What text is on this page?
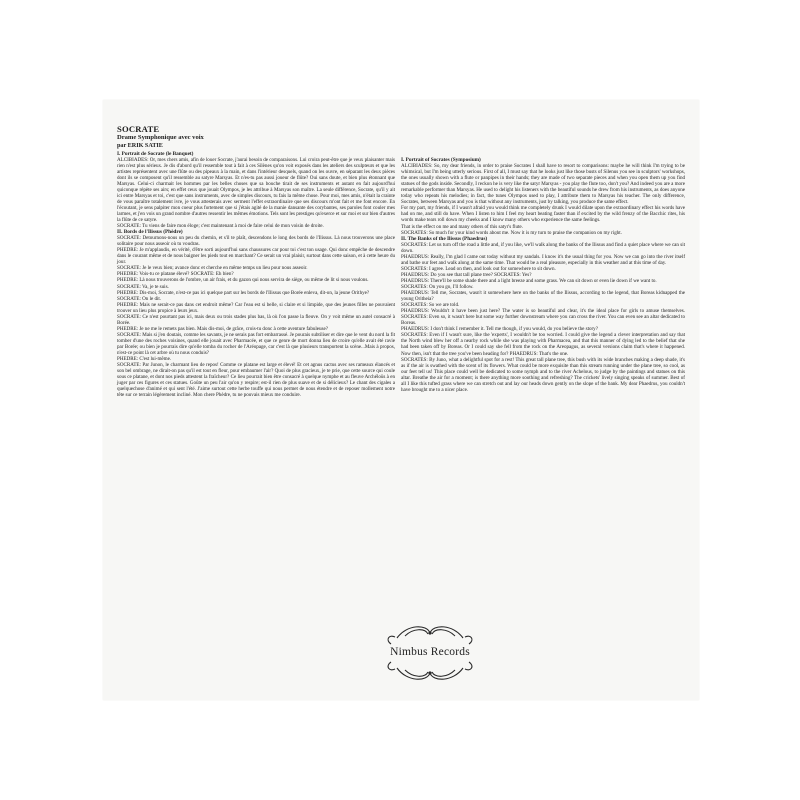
SOCRATE
Drame Symphonique avec voix
par ERIK SATIE

I. Portrait de Socrate (le Banquet)

ALCIBIADES: Or, mes chers amis, afin de louer Socrate, j'aurai besoin de comparaisons. Lui croira peut-être que je veux plaisanter mais rien n'est plus sérieux. Je dis d'abord qu'il ressemble tout à fait à ces Silènes qu'on voit exposés dans les ateliers des sculpteurs et que les artistes représentent avec une flûte ou des pipeaux à la main, et dans l'intérieur desquels, quand on les ouvre, en séparant les deux pièces dont ils se composent qu'il ressemble au satyre Marsyas. Et n'es-tu pas aussi joueur de flûte? Oui sans doute, et bien plus étonnant que Marsyas. Celui-ci charmait les hommes par les belles choses que sa bouche tirait de ses instruments et autant en fait aujourd'hui quiconque répète ses airs; en effet ceux que jouait Olympos, je les attribue à Marsyas son maître. La seule différence, Socrate, qu'il y ait ici entre Marsyas et toi, c'est que sans instruments, avec de simples discours, tu fais la même chose. Pour moi, mes amis, n'était la crainte de vous paraître totalement ivre, je vous attesterais avec serment l'effet extraordinaire que ses discours m'ont fait et me font encore. En l'écoutant, je sens palpiter mon coeur plus fortement que si j'étais agité de la manie dansante des corybantes, ses paroles font couler mes larmes, et j'en vois un grand nombre d'autres ressentir les mêmes émotions. Tels sont les prestiges qu'exerce et sur moi et sur bien d'autres la flûte de ce satyre.

SOCRATE: Tu viens de faire mon éloge; c'est maintenant à moi de faire celui de mon voisin de droite.

II. Bords de l'Ilissus (Phèdre)

SOCRATE: Detournons-nous un peu du chemin, et s'il te plaît, descendons le long des bords de l'Ilissus. Là nous trouverons une place solitaire pour nous asseoir où tu voudras.

PHEDRE: Je m'applaudis, en vérité, d'être sorti aujourd'hui sans chaussures car pour toi c'est ton usage. Qui donc empêche de descendre dans le courant même et de nous baigner les pieds tout en marchant? Ce serait un vrai plaisir, surtout dans cette saison, et à cette heure du jour.

SOCRATE: Je le veux bien; avance donc et cherche en même temps un lieu pour nous asseoir.

PHEDRE: Vois-tu ce platane élevé? SOCRATE: Eh bien?

PHEDRE: Là nous trouverons de l'ombre, un air frais, et du gazon qui nous servira de siège, ou même de lit si nous voulons.

SOCRATE: Va, je te suis.

PHEDRE: Dis-moi, Socrate, n'est-ce pas ici quelque part sur les bords de l'Ilissus que Borée enleva, dit-on, la jeune Orithye?

SOCRATE: On le dit.

PHEDRE: Mais ne serait-ce pas dans cet endroit même? Car l'eau est si belle, si claire et si limpide, que des jeunes filles ne pouvaient trouver un lieu plus propice à leurs jeux.

SOCRATE: Ce n'est pourtant pas ici, mais deux ou trois stades plus bas, là où l'on passe la fleuve. On y voit même un autel consacré à Borée.

PHEDRE: Je ne me le remets pas bien. Mais dis-moi, de grâce, crois-tu donc à cette aventure fabuleuse?

SOCRATE: Mais si j'en doutais, comme les savants, je ne serais pas fort embarrassé. Je pourais subtiliser et dire que le vent du nord la fit tomber d'une des roches voisines, quand elle jouait avec Pharmacée, et que ce genre de mort donna lieu de croire qu'elle avait été ravie par Borée; ou bien je pourrais dire qu'elle tomba du rocher de l'Aréopage, car c'est là que plusieurs transportent la scène...Mais à propos, n'est-ce point là cet arbre où tu nous conduis?

PHEDRE: C'est lui-même.

SOCRATE: Par Junon, le charmant lieu de repos! Comme ce platane est large et élevé! Et cet agnus cactus avec ses rameaux élancés et son bel ombrage, ne dirait-on pas qu'il est tout en fleur, pour embaumer l'air? Quoi de plus gracieux, je te prie, que cette source qui coule sous ce platane, et dont nos pieds attestent la fraîcheur? Ce lieu pourrait bien être consacré à quelque nymphe et au fleuve Archéloüs à en juger par ces figures et ces statues. Goûte un peu l'air qu'on y respire; est-il rien de plus suave et de si délicieux? Le chant des cigales a quelquechose d'animé et qui sent l'été. J'aime surtout cette herbe touffe qui nous permet de nous étendre et de reposer mollement notre tête sur ce terrain légèrement incliné. Mon chere Phèdre, tu ne pouvais mieux me conduire.

I. Portrait of Socrates (Symposium)

ALCIBIADES: So, my dear friends, in order to praise Socrates I shall have to resort to comparisons: maybe he will think I'm trying to be whimsical, but I'm being utterly serious. First of all, I must say that he looks just like those busts of Silenus you see in sculptors' workshops, the ones usually shown with a flute or panpipes in their hands; they are made of two separate pieces and when you open them up you find statues of the gods inside. Secondly, I reckon he is very like the satyr Marsyas - you play the flute too, don't you? And indeed you are a more remarkable performer than Marsyas. He used to delight his listeners with the beautiful sounds he drew from his instruments, as does anyone today who repeats his melodies; in fact, the tunes Olympos used to play, I attribute them to Marsyas his teacher. The only difference, Socrates, between Marsyas and you is that without any instruments, just by talking, you produce the same effect.

For my part, my friends, if I wasn't afraid you would think me completely drunk I would dilate upon the extraordinary effect his words have had on me, and still do have. When I listen to him I feel my heart beating faster than if excited by the wild frenzy of the Bacchic rites, his words make tears roll down my cheeks and I know many others who experience the same feelings.

That is the effect on me and many others of this satyr's flute.

SOCRATES: So much for your kind words about me. Now it is my turn to praise the companion on my right.

II. The Banks of the Ilissus (Phaedrus)

SOCRATES: Let us turn off the road a little and, if you like, we'll walk along the banks of the Ilissus and find a quiet place where we can sit down.

PHAEDRUS: Really, I'm glad I came out today without my sandals. I know it's the usual thing for you. Now we can go into the river itself and bathe our feet and walk along at the same time. That would be a real pleasure, especially in this weather and at this time of day.

SOCRATES: I agree. Lead on then, and look out for somewhere to sit down.

PHAEDRUS: Do you see that tall plane tree? SOCRATES: Yes?

PHAEDRUS: There'll be some shade there and a light breeze and some grass. We can sit down or even lie down if we want to.

SOCRATES: On you go, I'll follow.

PHAEDRUS: Tell me, Socrates, wasn't it somewhere here on the banks of the Ilissus, according to the legend, that Boreas kidnapped the young Oritheia?

SOCRATES: So we are told.

PHAEDRUS: Wouldn't it have been just here? The water is so beautiful and clear, it's the ideal place for girls to amuse themselves. SOCRATES: Even so, it wasn't here but some way further downstream where you can cross the river. You can even see an altar dedicated to Boreas.

PHAEDRUS: I don't think I remember it. Tell me though, if you would, do you believe the story?

SOCRATES: Even if I wasn't sure, like the 'experts', I wouldn't be too worried. I could give the legend a clever interpretation and say that the North wind blew her off a nearby rock while she was playing with Pharmacea, and that this manner of dying led to the belief that she had been taken off by Boreas. Or I could say she fell from the rock on the Areopagus, as several versions claim that's where it happened. Now then, isn't that the tree you've been heading for? PHAEDRUS: That's the one.

SOCRATES: By Juno, what a delightful spot for a rest! This great tall plane tree, this bush with its wide branches making a deep shade, it's as if the air is swathed with the scent of its flowers. What could be more exquisite than this stream running under the plane tree, so cool, as our feet tell us! This place could well be dedicated to some nymph and to the river Achelous, to judge by the paintings and statues on this altar. Breathe the air for a moment; is there anything more soothing and refreshing? The crickets' lively singing speaks of summer. Best of all I like this tufted grass where we can stretch out and lay our heads down gently on the slope of the bank. My dear Phaedrus, you couldn't have brought me to a nicer place.

Nimbus Records
